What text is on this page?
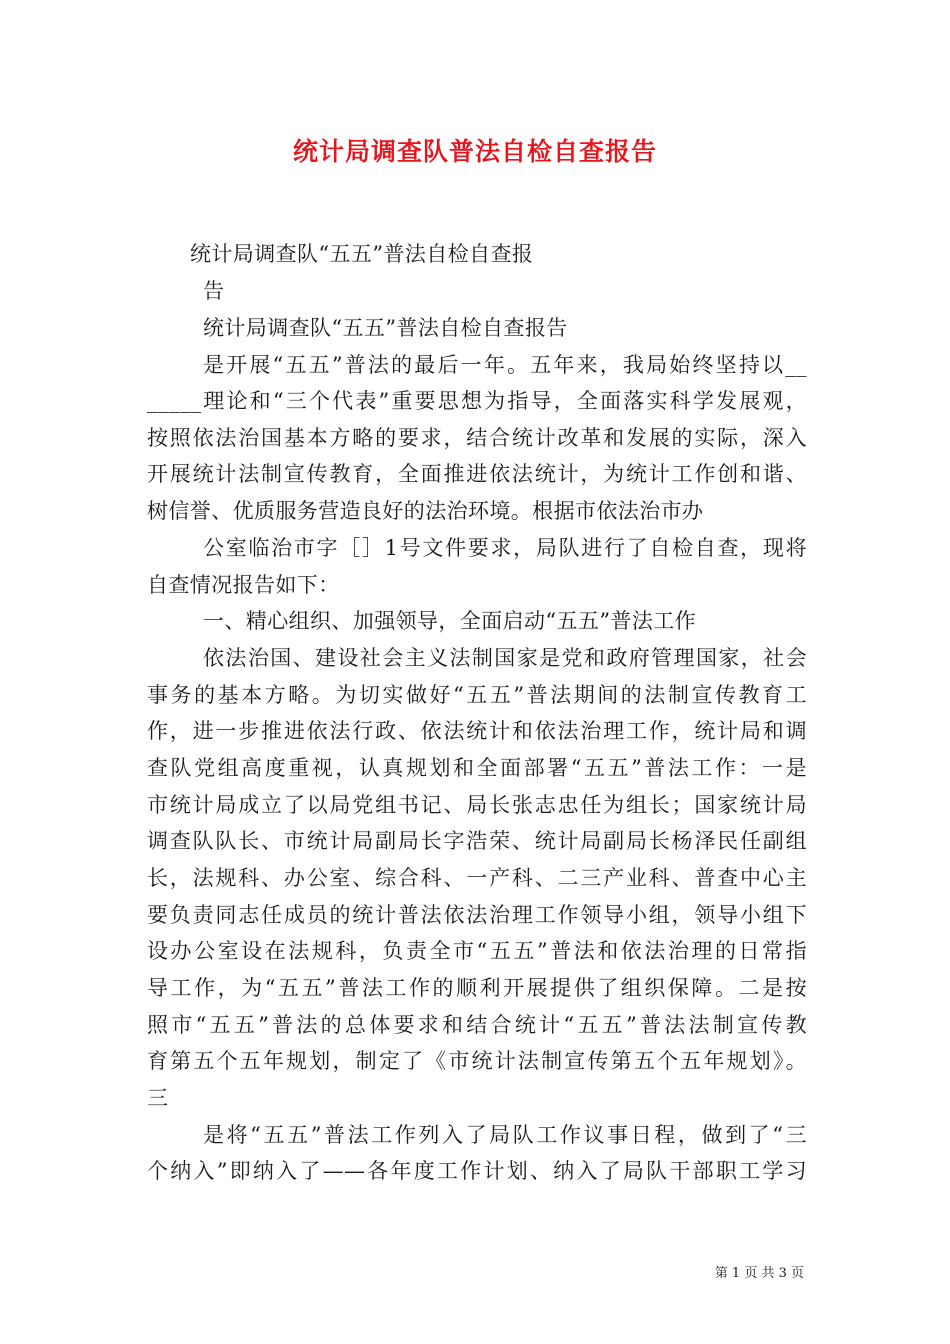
统计局调查队普法自检自查报告
统计局调查队“五五”普法自检自查报
告
统计局调查队“五五”普法自检自查报告
是开展“五五”普法的最后一年。五年来，我局始终坚持以__
_____理论和“三个代表”重要思想为指导，全面落实科学发展观，
按照依法治国基本方略的要求，结合统计改革和发展的实际，深入
开展统计法制宣传教育，全面推进依法统计，为统计工作创和谐、
树信誉、优质服务营造良好的法治环境。根据市依法治市办
公室临治市字［］1号文件要求，局队进行了自检自查，现将
自查情况报告如下：
一、精心组织、加强领导，全面启动“五五”普法工作
依法治国、建设社会主义法制国家是党和政府管理国家，社会
事务的基本方略。为切实做好“五五”普法期间的法制宣传教育工
作，进一步推进依法行政、依法统计和依法治理工作，统计局和调
查队党组高度重视，认真规划和全面部署“五五”普法工作：一是
市统计局成立了以局党组书记、局长张志忠任为组长；国家统计局
调查队队长、市统计局副局长字浩荣、统计局副局长杨泽民任副组
长，法规科、办公室、综合科、一产科、二三产业科、普查中心主
要负责同志任成员的统计普法依法治理工作领导小组，领导小组下
设办公室设在法规科，负责全市“五五”普法和依法治理的日常指
导工作，为“五五”普法工作的顺利开展提供了组织保障。二是按
照市“五五”普法的总体要求和结合统计“五五”普法法制宣传教
育第五个五年规划，制定了《市统计法制宣传第五个五年规划》。
三
是将“五五”普法工作列入了局队工作议事日程，做到了“三
个纳入”即纳入了——各年度工作计划、纳入了局队干部职工学习
第 1 页 共 3 页
